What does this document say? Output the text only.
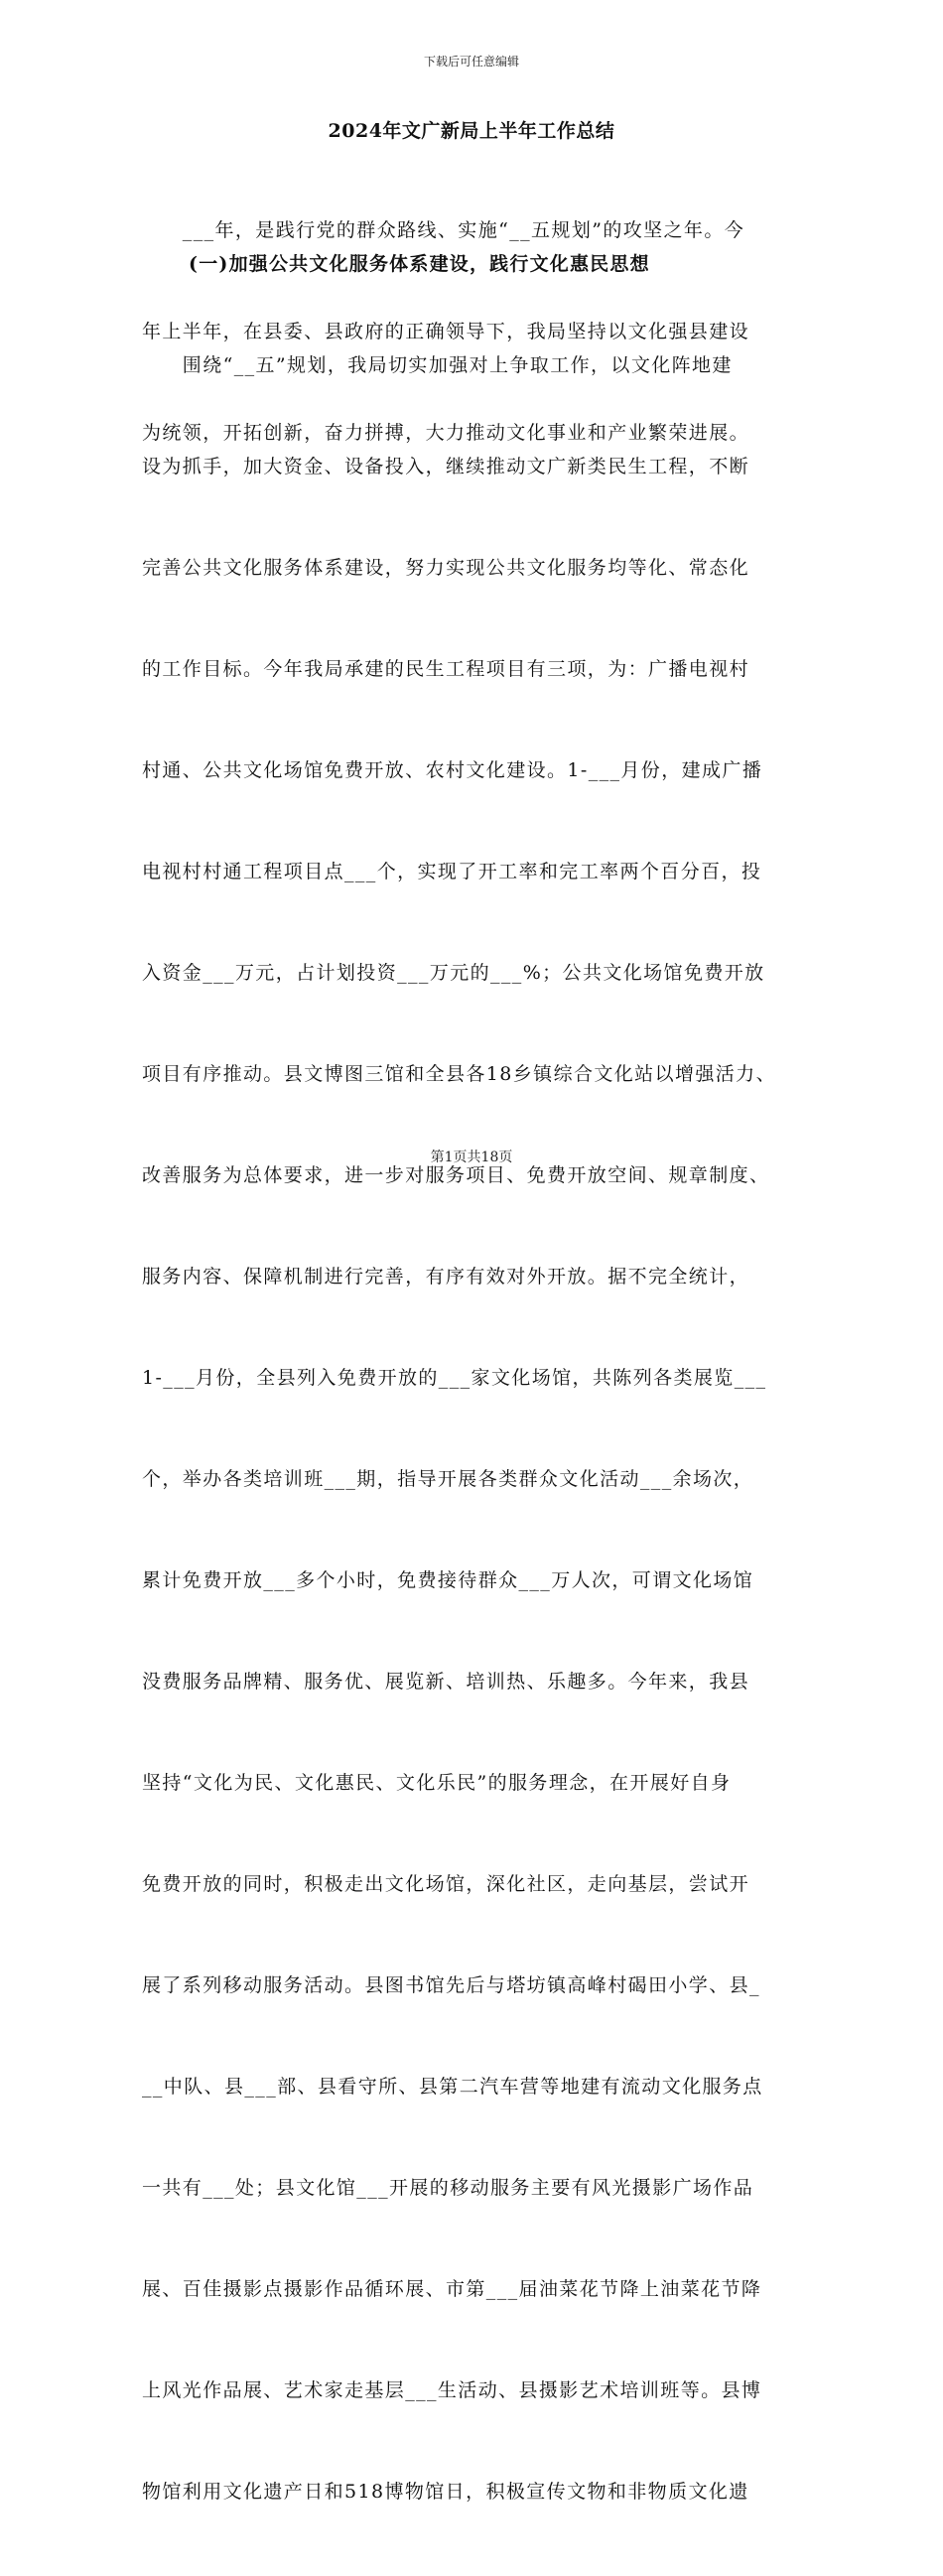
下载后可任意编辑
2024年文广新局上半年工作总结

　　___年，是践行党的群众路线、实施“__五规划”的攻坚之年。今

年上半年，在县委、县政府的正确领导下，我局坚持以文化强县建设

为统领，开拓创新，奋力拼搏，大力推动文化事业和产业繁荣进展。

(一)加强公共文化服务体系建设，践行文化惠民思想

　　围绕“__五”规划，我局切实加强对上争取工作，以文化阵地建

设为抓手，加大资金、设备投入，继续推动文广新类民生工程，不断

完善公共文化服务体系建设，努力实现公共文化服务均等化、常态化

的工作目标。今年我局承建的民生工程项目有三项，为：广播电视村

村通、公共文化场馆免费开放、农村文化建设。1-___月份，建成广播

电视村村通工程项目点___个，实现了开工率和完工率两个百分百，投

入资金___万元，占计划投资___万元的___%；公共文化场馆免费开放

项目有序推动。县文博图三馆和全县各18乡镇综合文化站以增强活力、

改善服务为总体要求，进一步对服务项目、免费开放空间、规章制度、

服务内容、保障机制进行完善，有序有效对外开放。据不完全统计，

1-___月份，全县列入免费开放的___家文化场馆，共陈列各类展览___

个，举办各类培训班___期，指导开展各类群众文化活动___余场次，

累计免费开放___多个小时，免费接待群众___万人次，可谓文化场馆

没费服务品牌精、服务优、展览新、培训热、乐趣多。今年来，我县

坚持“文化为民、文化惠民、文化乐民”的服务理念，在开展好自身

免费开放的同时，积极走出文化场馆，深化社区，走向基层，尝试开

展了系列移动服务活动。县图书馆先后与塔坊镇高峰村碣田小学、县_

__中队、县___部、县看守所、县第二汽车营等地建有流动文化服务点

一共有___处；县文化馆___开展的移动服务主要有风光摄影广场作品

展、百佳摄影点摄影作品循环展、市第___届油菜花节降上油菜花节降

上风光作品展、艺术家走基层___生活动、县摄影艺术培训班等。县博

物馆利用文化遗产日和518博物馆日，积极宣传文物和非物质文化遗

第1页共18页
